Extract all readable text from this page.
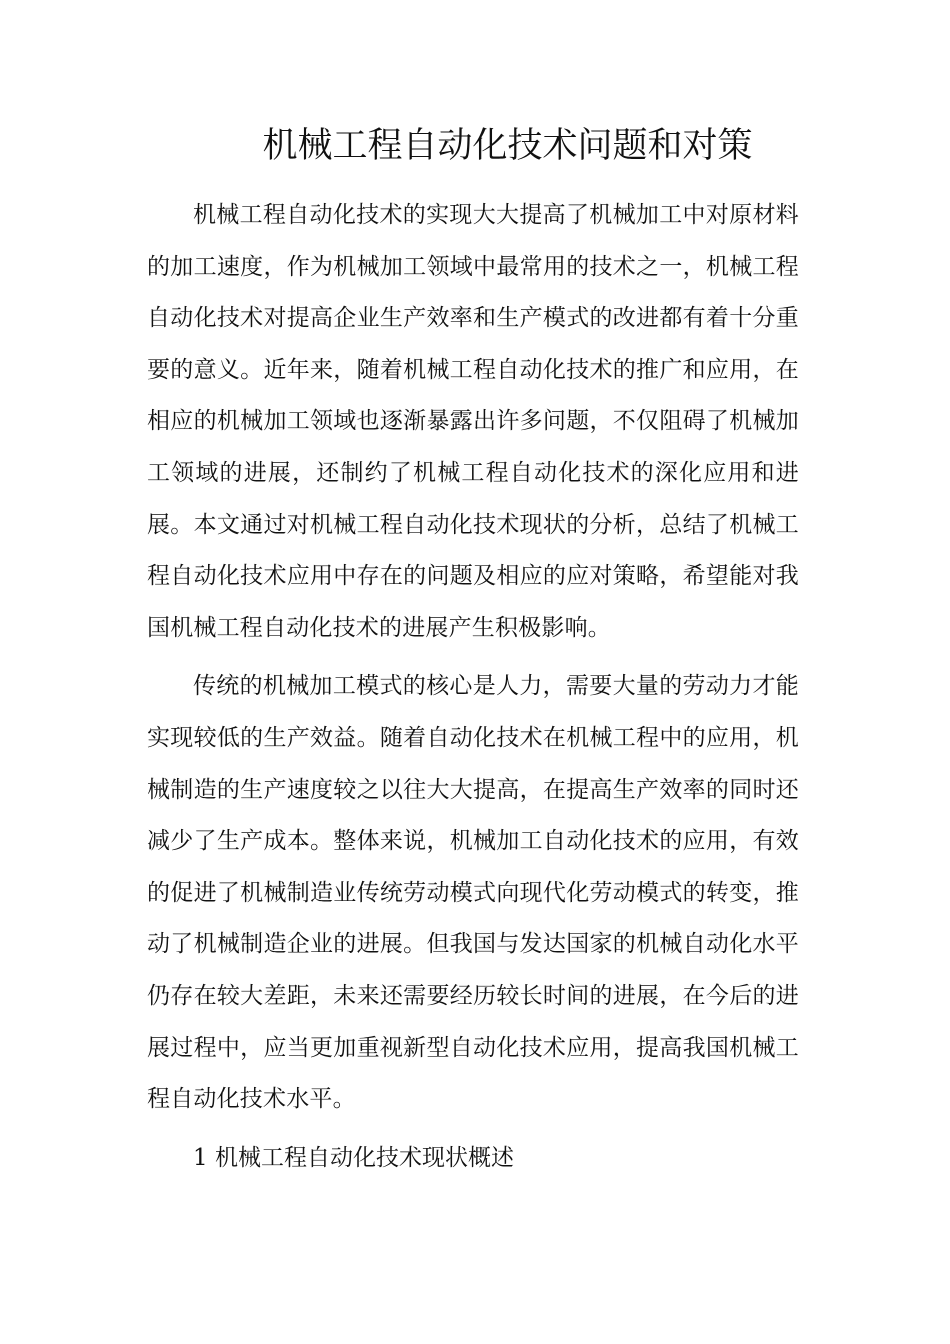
机械工程自动化技术问题和对策

机械工程自动化技术的实现大大提高了机械加工中对原材料的加工速度，作为机械加工领域中最常用的技术之一，机械工程自动化技术对提高企业生产效率和生产模式的改进都有着十分重要的意义。近年来，随着机械工程自动化技术的推广和应用，在相应的机械加工领域也逐渐暴露出许多问题，不仅阻碍了机械加工领域的进展，还制约了机械工程自动化技术的深化应用和进展。本文通过对机械工程自动化技术现状的分析，总结了机械工程自动化技术应用中存在的问题及相应的应对策略，希望能对我国机械工程自动化技术的进展产生积极影响。

传统的机械加工模式的核心是人力，需要大量的劳动力才能实现较低的生产效益。随着自动化技术在机械工程中的应用，机械制造的生产速度较之以往大大提高，在提高生产效率的同时还减少了生产成本。整体来说，机械加工自动化技术的应用，有效的促进了机械制造业传统劳动模式向现代化劳动模式的转变，推动了机械制造企业的进展。但我国与发达国家的机械自动化水平仍存在较大差距，未来还需要经历较长时间的进展，在今后的进展过程中，应当更加重视新型自动化技术应用，提高我国机械工程自动化技术水平。

1 机械工程自动化技术现状概述
